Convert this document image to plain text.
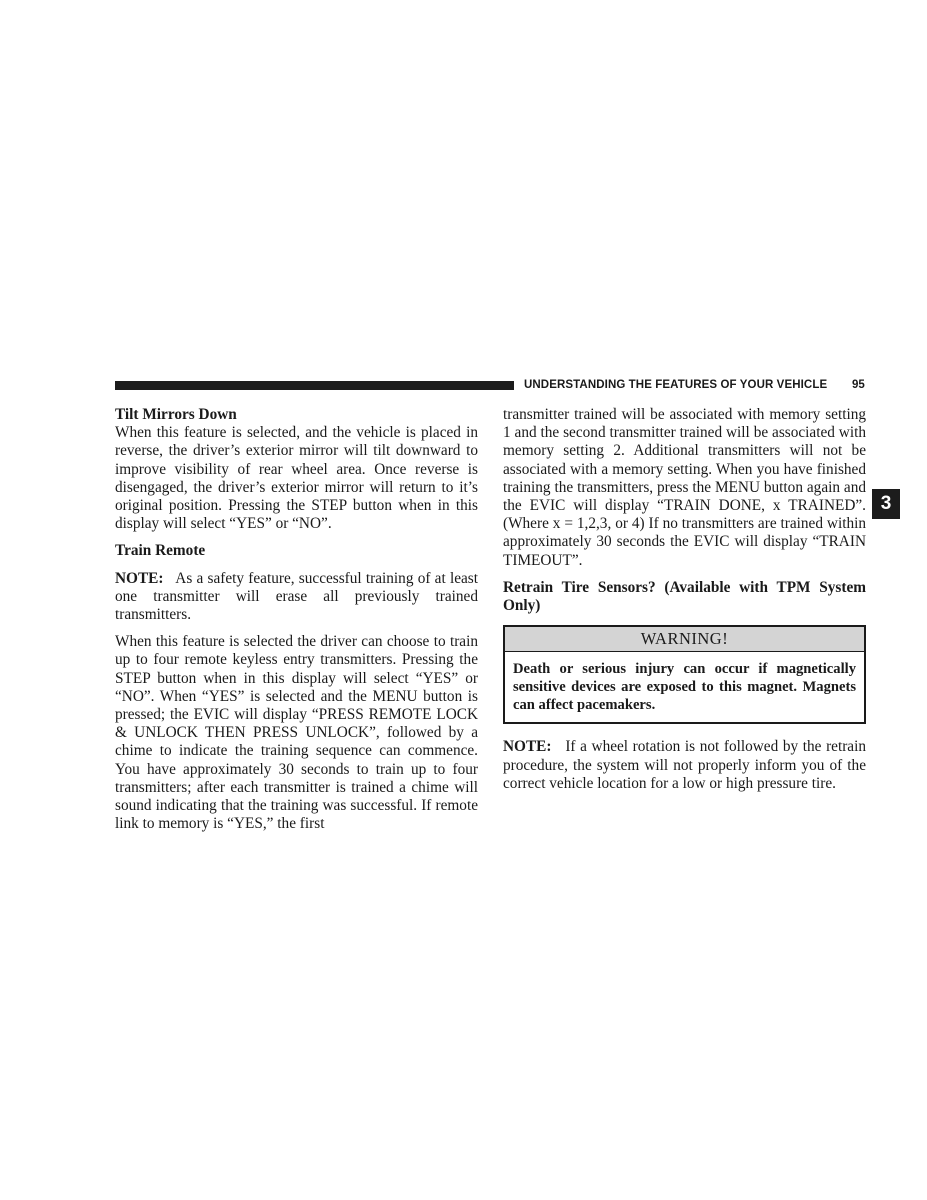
UNDERSTANDING THE FEATURES OF YOUR VEHICLE 95
3

Tilt Mirrors Down

When this feature is selected, and the vehicle is placed in reverse, the driver’s exterior mirror will tilt downward to improve visibility of rear wheel area. Once reverse is disengaged, the driver’s exterior mirror will return to it’s original position. Pressing the STEP button when in this display will select “YES” or “NO”.

Train Remote

NOTE: As a safety feature, successful training of at least one transmitter will erase all previously trained transmitters.

When this feature is selected the driver can choose to train up to four remote keyless entry transmitters. Pressing the STEP button when in this display will select “YES” or “NO”. When “YES” is selected and the MENU button is pressed; the EVIC will display “PRESS REMOTE LOCK & UNLOCK THEN PRESS UNLOCK”, followed by a chime to indicate the training sequence can commence. You have approximately 30 seconds to train up to four transmitters; after each transmitter is trained a chime will sound indicating that the training was successful. If remote link to memory is “YES,” the first

transmitter trained will be associated with memory setting 1 and the second transmitter trained will be associated with memory setting 2. Additional transmitters will not be associated with a memory setting. When you have finished training the transmitters, press the MENU button again and the EVIC will display “TRAIN DONE, x TRAINED”. (Where x = 1,2,3, or 4) If no transmitters are trained within approximately 30 seconds the EVIC will display “TRAIN TIMEOUT”.

Retrain Tire Sensors? (Available with TPM System Only)

WARNING!
Death or serious injury can occur if magnetically sensitive devices are exposed to this magnet. Magnets can affect pacemakers.

NOTE: If a wheel rotation is not followed by the retrain procedure, the system will not properly inform you of the correct vehicle location for a low or high pressure tire.
